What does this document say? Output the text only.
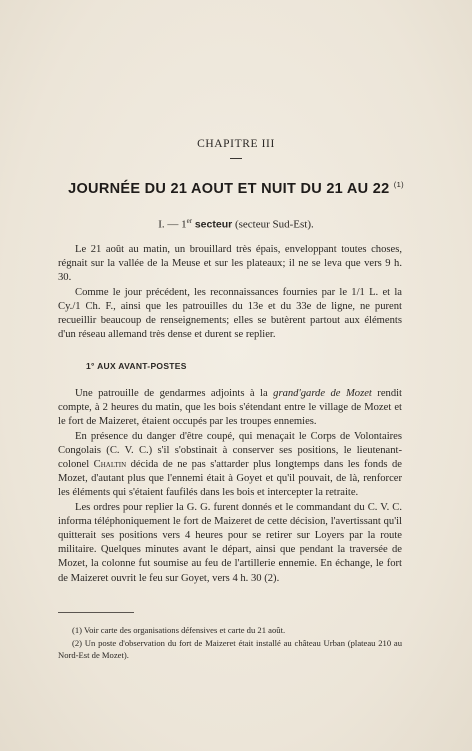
CHAPITRE III
JOURNÉE DU 21 AOUT ET NUIT DU 21 AU 22 $^{(1)}$
I. — 1er secteur (secteur Sud-Est).

Le 21 août au matin, un brouillard très épais, enveloppant toutes choses, régnait sur la vallée de la Meuse et sur les plateaux; il ne se leva que vers 9 h. 30.

Comme le jour précédent, les reconnaissances fournies par le 1/1 L. et la Cy./1 Ch. F., ainsi que les patrouilles du 13e et du 33e de ligne, ne purent recueillir beaucoup de renseignements; elles se butèrent partout aux éléments d'un réseau allemand très dense et durent se replier.

1° AUX AVANT-POSTES

Une patrouille de gendarmes adjoints à la grand'garde de Mozet rendit compte, à 2 heures du matin, que les bois s'étendant entre le village de Mozet et le fort de Maizeret, étaient occupés par les troupes ennemies.

En présence du danger d'être coupé, qui menaçait le Corps de Volontaires Congolais (C. V. C.) s'il s'obstinait à conserver ses positions, le lieutenant-colonel Chaltin décida de ne pas s'attarder plus longtemps dans les fonds de Mozet, d'autant plus que l'ennemi était à Goyet et qu'il pouvait, de là, renforcer les éléments qui s'étaient faufilés dans les bois et intercepter la retraite.

Les ordres pour replier la G. G. furent donnés et le commandant du C. V. C. informa téléphoniquement le fort de Maizeret de cette décision, l'avertissant qu'il quitterait ses positions vers 4 heures pour se retirer sur Loyers par la route militaire. Quelques minutes avant le départ, ainsi que pendant la traversée de Mozet, la colonne fut soumise au feu de l'artillerie ennemie. En échange, le fort de Maizeret ouvrit le feu sur Goyet, vers 4 h. 30 (2).

(1) Voir carte des organisations défensives et carte du 21 août.

(2) Un poste d'observation du fort de Maizeret était installé au château Urban (plateau 210 au Nord-Est de Mozet).
